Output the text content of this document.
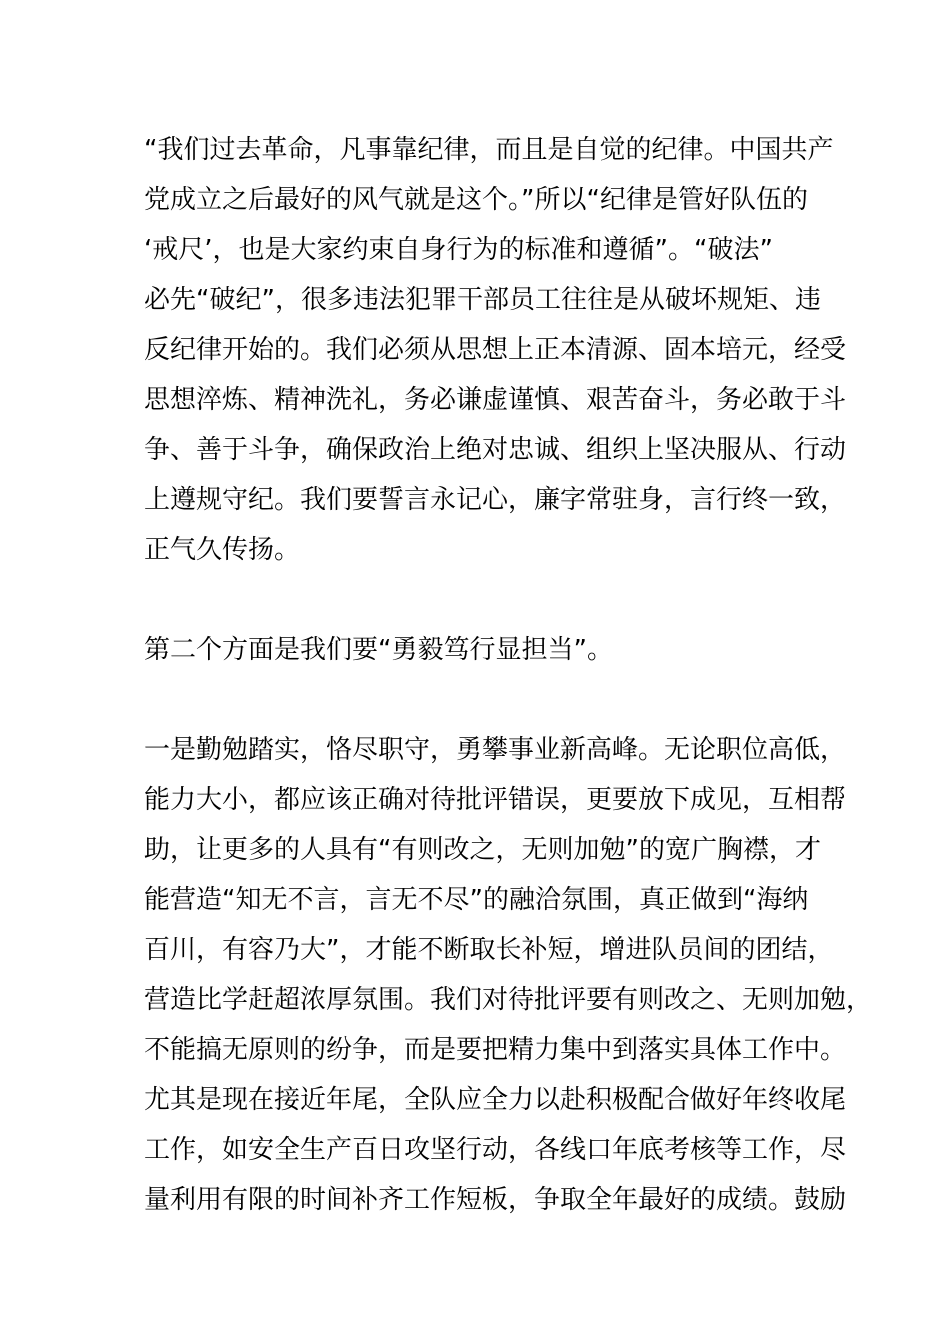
“我们过去革命，凡事靠纪律，而且是自觉的纪律。中国共产
党成立之后最好的风气就是这个。”所以“纪律是管好队伍的
‘戒尺’，也是大家约束自身行为的标准和遵循”。“破法”
必先“破纪”，很多违法犯罪干部员工往往是从破坏规矩、违
反纪律开始的。我们必须从思想上正本清源、固本培元，经受
思想淬炼、精神洗礼，务必谦虚谨慎、艰苦奋斗，务必敢于斗
争、善于斗争，确保政治上绝对忠诚、组织上坚决服从、行动
上遵规守纪。我们要誓言永记心，廉字常驻身，言行终一致，
正气久传扬。
第二个方面是我们要“勇毅笃行显担当”。
一是勤勉踏实，恪尽职守，勇攀事业新高峰。无论职位高低，
能力大小，都应该正确对待批评错误，更要放下成见，互相帮
助，让更多的人具有“有则改之，无则加勉”的宽广胸襟，才
能营造“知无不言，言无不尽”的融洽氛围，真正做到“海纳
百川，有容乃大”，才能不断取长补短，增进队员间的团结，
营造比学赶超浓厚氛围。我们对待批评要有则改之、无则加勉，
不能搞无原则的纷争，而是要把精力集中到落实具体工作中。
尤其是现在接近年尾，全队应全力以赴积极配合做好年终收尾
工作，如安全生产百日攻坚行动，各线口年底考核等工作，尽
量利用有限的时间补齐工作短板，争取全年最好的成绩。鼓励
